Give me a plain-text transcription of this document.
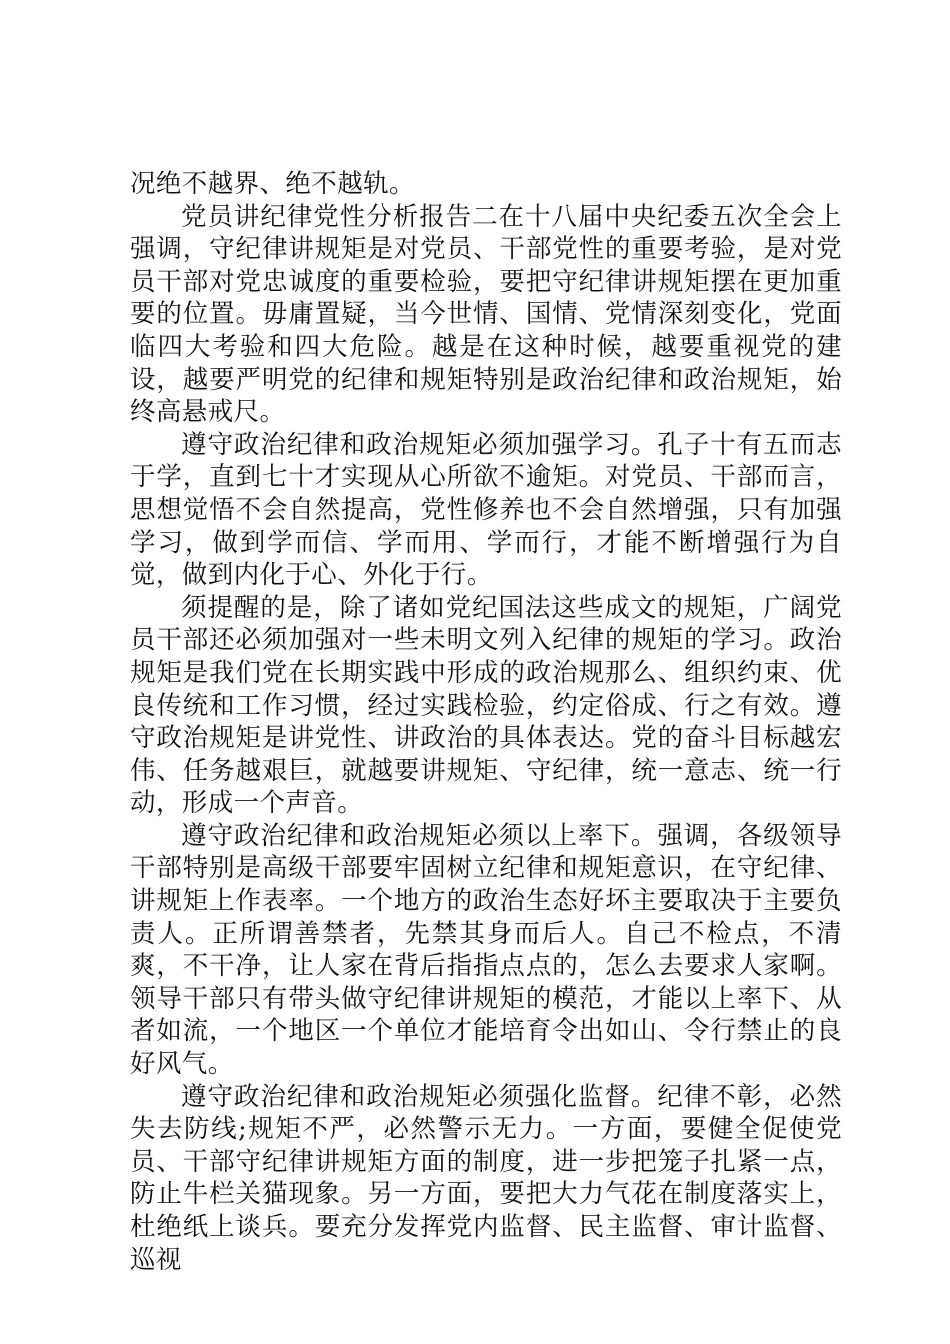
况绝不越界、绝不越轨。

党员讲纪律党性分析报告二在十八届中央纪委五次全会上强调，守纪律讲规矩是对党员、干部党性的重要考验，是对党员干部对党忠诚度的重要检验，要把守纪律讲规矩摆在更加重要的位置。毋庸置疑，当今世情、国情、党情深刻变化，党面临四大考验和四大危险。越是在这种时候，越要重视党的建设，越要严明党的纪律和规矩特别是政治纪律和政治规矩，始终高悬戒尺。

遵守政治纪律和政治规矩必须加强学习。孔子十有五而志于学，直到七十才实现从心所欲不逾矩。对党员、干部而言，思想觉悟不会自然提高，党性修养也不会自然增强，只有加强学习，做到学而信、学而用、学而行，才能不断增强行为自觉，做到内化于心、外化于行。

须提醒的是，除了诸如党纪国法这些成文的规矩，广阔党员干部还必须加强对一些未明文列入纪律的规矩的学习。政治规矩是我们党在长期实践中形成的政治规那么、组织约束、优良传统和工作习惯，经过实践检验，约定俗成、行之有效。遵守政治规矩是讲党性、讲政治的具体表达。党的奋斗目标越宏伟、任务越艰巨，就越要讲规矩、守纪律，统一意志、统一行动，形成一个声音。

遵守政治纪律和政治规矩必须以上率下。强调，各级领导干部特别是高级干部要牢固树立纪律和规矩意识，在守纪律、讲规矩上作表率。一个地方的政治生态好坏主要取决于主要负责人。正所谓善禁者，先禁其身而后人。自己不检点，不清爽，不干净，让人家在背后指指点点的，怎么去要求人家啊。领导干部只有带头做守纪律讲规矩的模范，才能以上率下、从者如流，一个地区一个单位才能培育令出如山、令行禁止的良好风气。

遵守政治纪律和政治规矩必须强化监督。纪律不彰，必然失去防线;规矩不严，必然警示无力。一方面，要健全促使党员、干部守纪律讲规矩方面的制度，进一步把笼子扎紧一点，防止牛栏关猫现象。另一方面，要把大力气花在制度落实上，杜绝纸上谈兵。要充分发挥党内监督、民主监督、审计监督、巡视
